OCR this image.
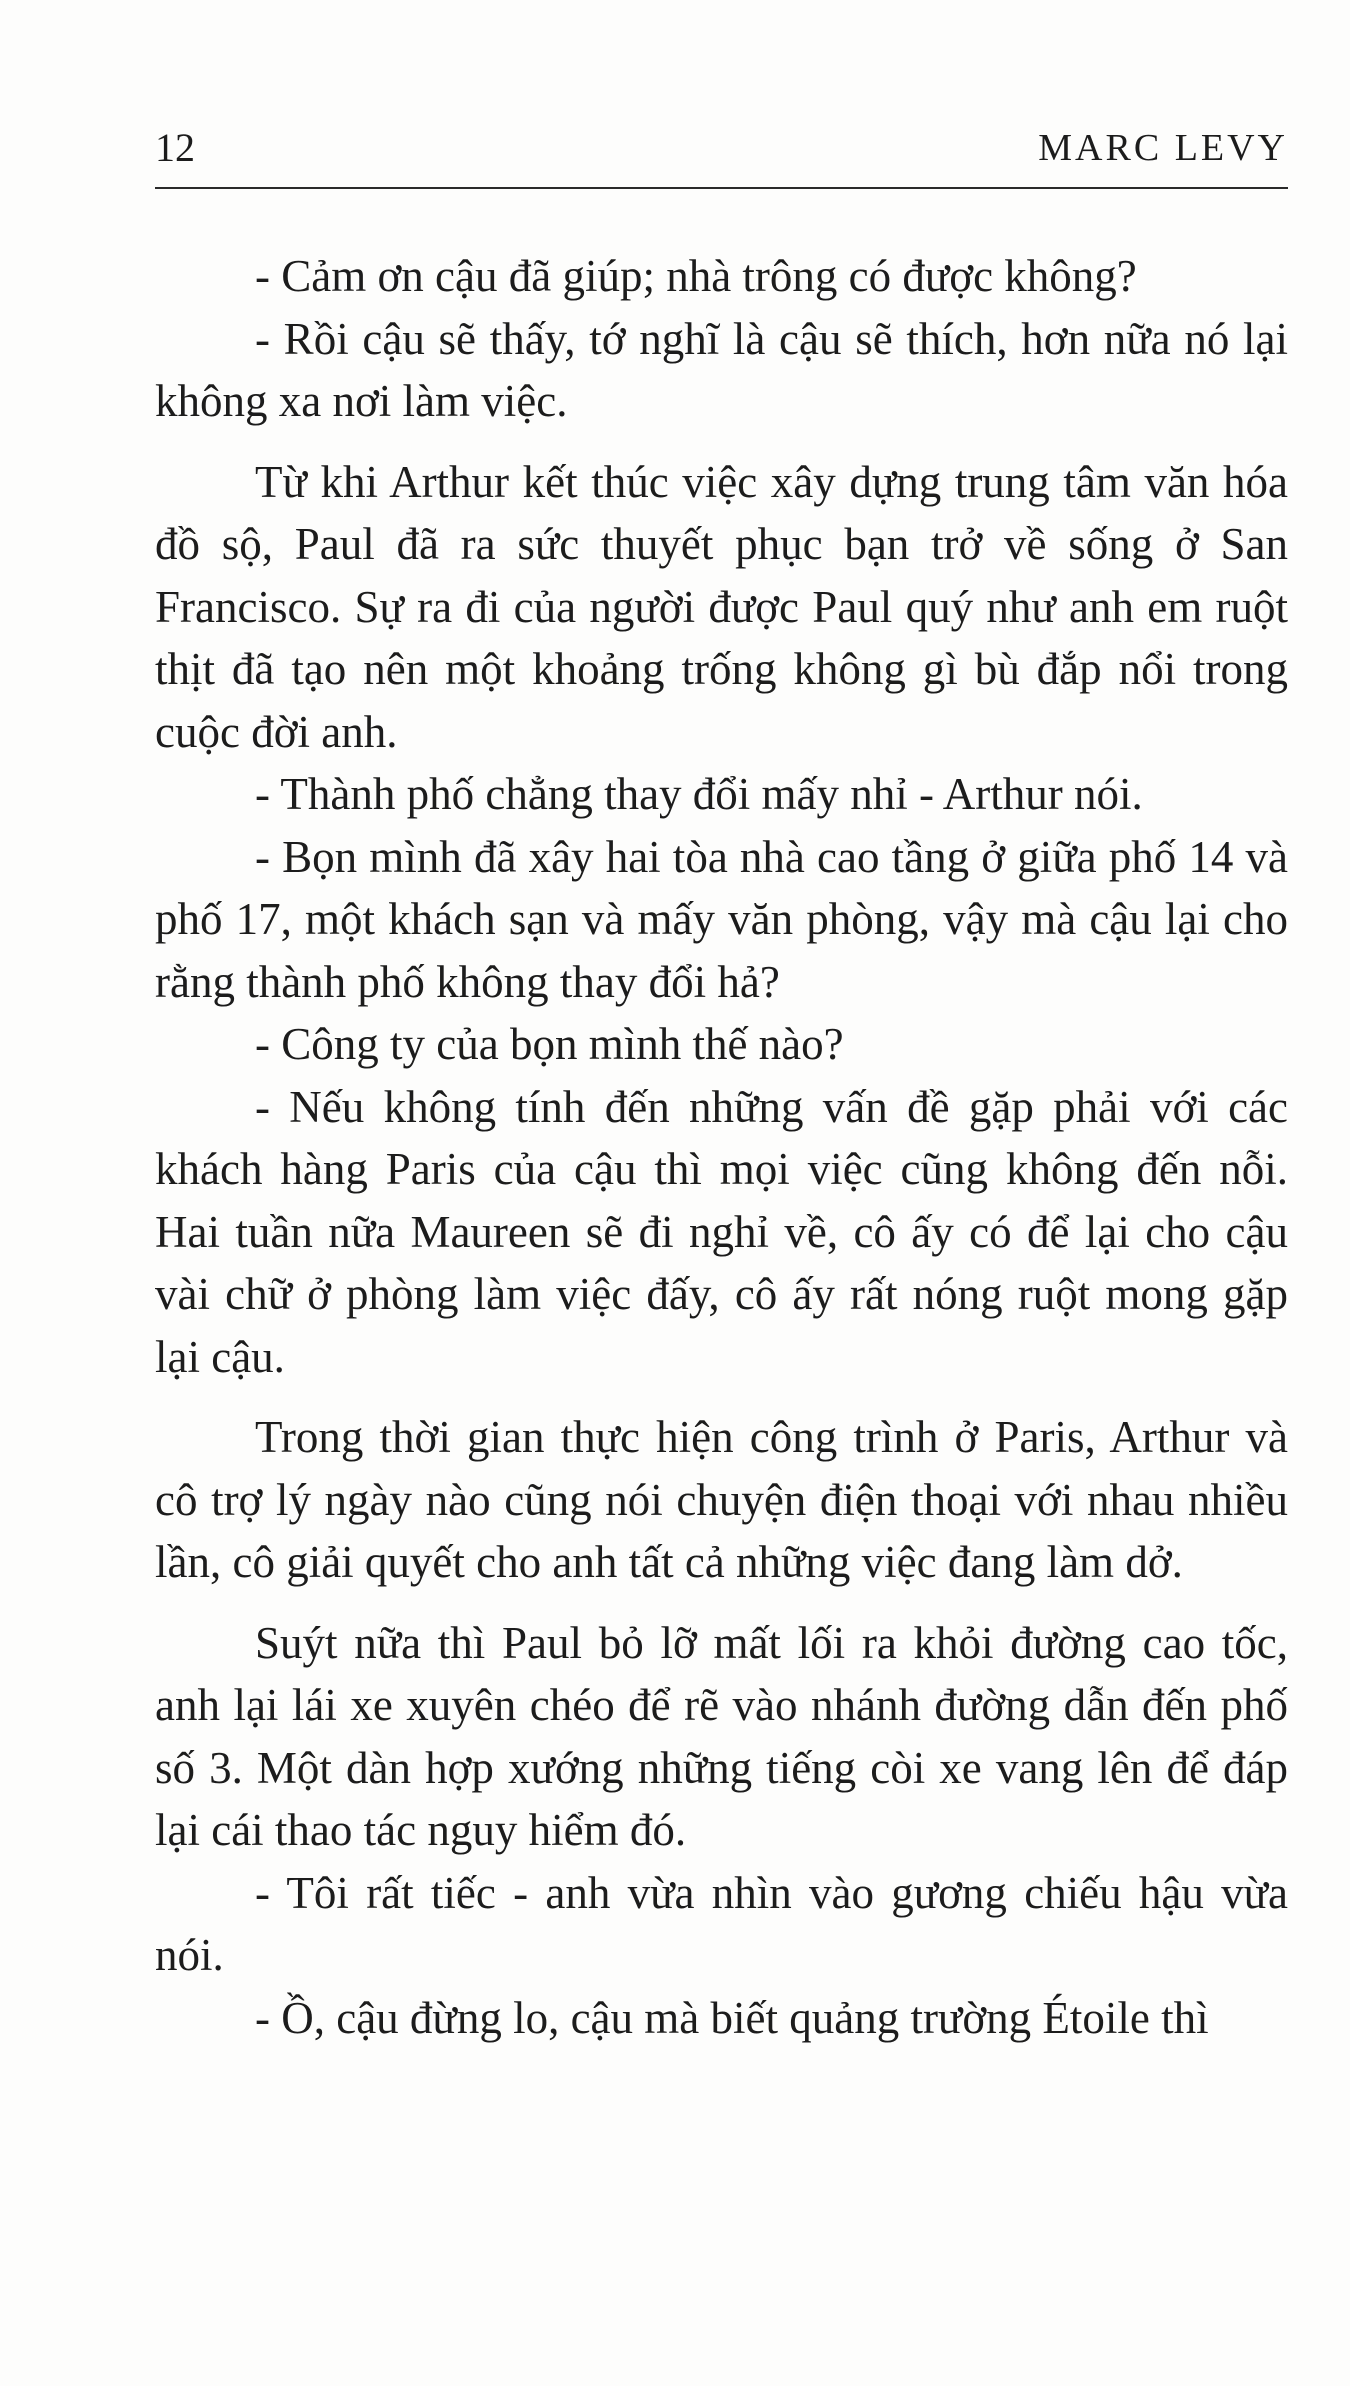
12	MARC LEVY

- Cảm ơn cậu đã giúp; nhà trông có được không?

- Rồi cậu sẽ thấy, tớ nghĩ là cậu sẽ thích, hơn nữa nó lại không xa nơi làm việc.

Từ khi Arthur kết thúc việc xây dựng trung tâm văn hóa đồ sộ, Paul đã ra sức thuyết phục bạn trở về sống ở San Francisco. Sự ra đi của người được Paul quý như anh em ruột thịt đã tạo nên một khoảng trống không gì bù đắp nổi trong cuộc đời anh.

- Thành phố chẳng thay đổi mấy nhỉ - Arthur nói.

- Bọn mình đã xây hai tòa nhà cao tầng ở giữa phố 14 và phố 17, một khách sạn và mấy văn phòng, vậy mà cậu lại cho rằng thành phố không thay đổi hả?

- Công ty của bọn mình thế nào?

- Nếu không tính đến những vấn đề gặp phải với các khách hàng Paris của cậu thì mọi việc cũng không đến nỗi. Hai tuần nữa Maureen sẽ đi nghỉ về, cô ấy có để lại cho cậu vài chữ ở phòng làm việc đấy, cô ấy rất nóng ruột mong gặp lại cậu.

Trong thời gian thực hiện công trình ở Paris, Arthur và cô trợ lý ngày nào cũng nói chuyện điện thoại với nhau nhiều lần, cô giải quyết cho anh tất cả những việc đang làm dở.

Suýt nữa thì Paul bỏ lỡ mất lối ra khỏi đường cao tốc, anh lại lái xe xuyên chéo để rẽ vào nhánh đường dẫn đến phố số 3. Một dàn hợp xướng những tiếng còi xe vang lên để đáp lại cái thao tác nguy hiểm đó.

- Tôi rất tiếc - anh vừa nhìn vào gương chiếu hậu vừa nói.

- Ồ, cậu đừng lo, cậu mà biết quảng trường Étoile thì
